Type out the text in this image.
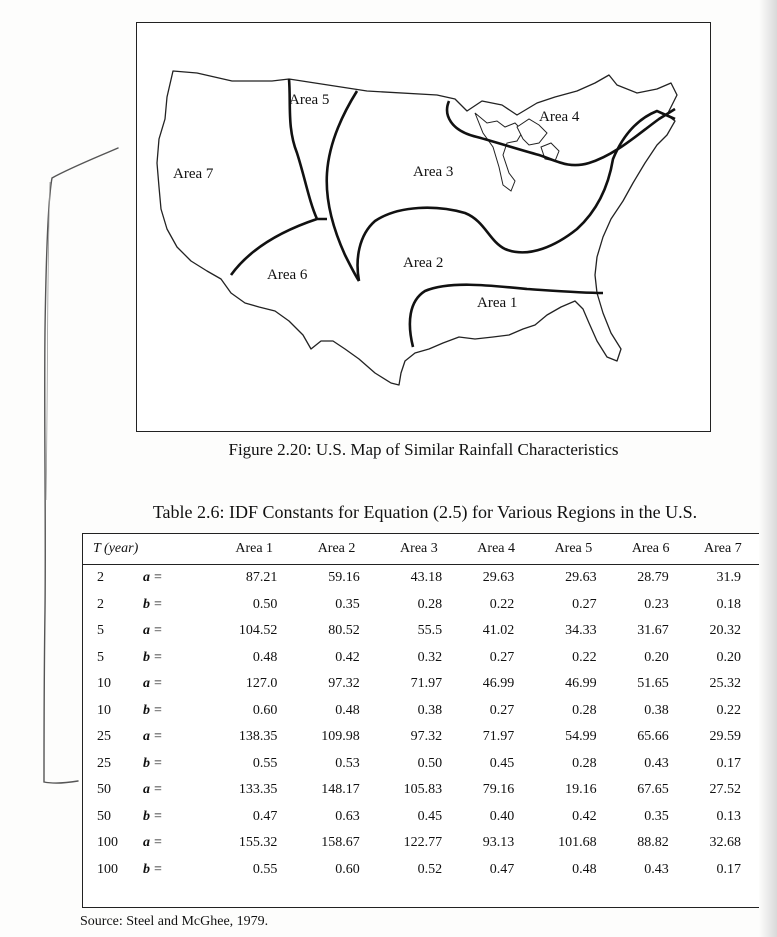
Area 7
Area 5
Area 4
Area 3
Area 6
Area 2
Area 1
Figure 2.20: U.S. Map of Similar Rainfall Characteristics
Table 2.6: IDF Constants for Equation (2.5) for Various Regions in the U.S.
T (year)		Area 1	Area 2	Area 3	Area 4	Area 5	Area 6	Area 7
2	a =	87.21	59.16	43.18	29.63	29.63	28.79	31.9
2	b =	0.50	0.35	0.28	0.22	0.27	0.23	0.18
5	a =	104.52	80.52	55.5	41.02	34.33	31.67	20.32
5	b =	0.48	0.42	0.32	0.27	0.22	0.20	0.20
10	a =	127.0	97.32	71.97	46.99	46.99	51.65	25.32
10	b =	0.60	0.48	0.38	0.27	0.28	0.38	0.22
25	a =	138.35	109.98	97.32	71.97	54.99	65.66	29.59
25	b =	0.55	0.53	0.50	0.45	0.28	0.43	0.17
50	a =	133.35	148.17	105.83	79.16	19.16	67.65	27.52
50	b =	0.47	0.63	0.45	0.40	0.42	0.35	0.13
100	a =	155.32	158.67	122.77	93.13	101.68	88.82	32.68
100	b =	0.55	0.60	0.52	0.47	0.48	0.43	0.17
Source: Steel and McGhee, 1979.
